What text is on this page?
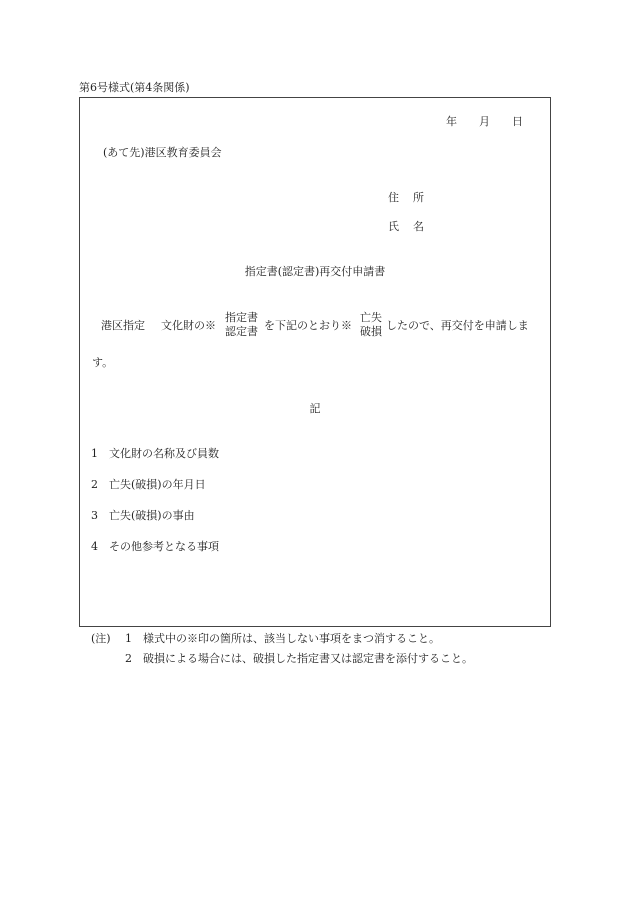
第6号様式(第4条関係)
年 月 日
(あて先)港区教育委員会
住 所
氏 名
指定書(認定書)再交付申請書
港区指定 文化財の※
指定書
認定書 を下記のとおり※
亡失
破損 したので、再交付を申請しま
す。
記
1 文化財の名称及び員数
2 亡失(破損)の年月日
3 亡失(破損)の事由
4 その他参考となる事項
(注) 1 様式中の※印の箇所は、該当しない事項をまつ消すること。
2 破損による場合には、破損した指定書又は認定書を添付すること。
